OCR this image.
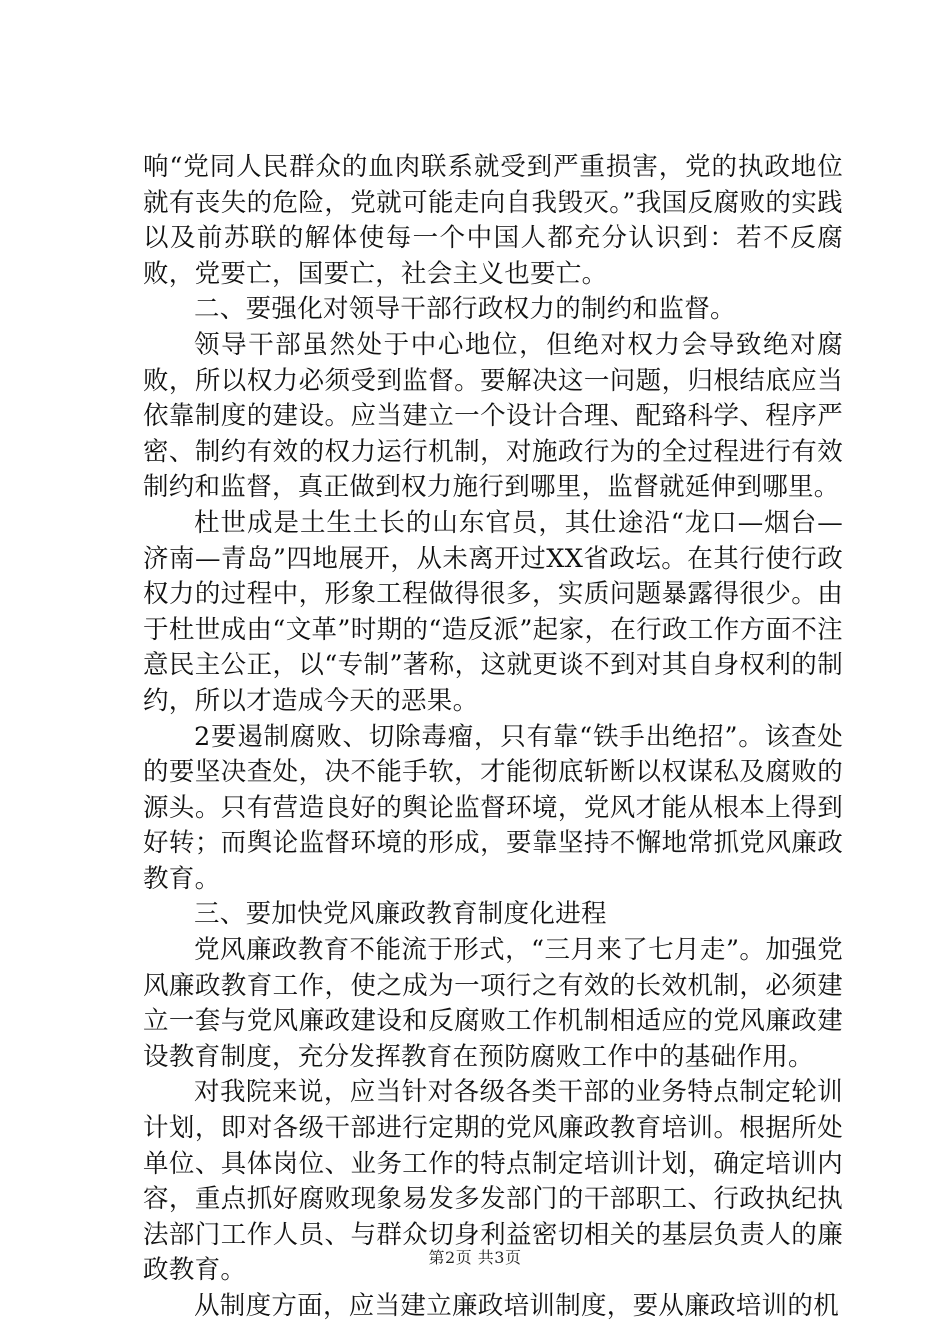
响“党同人民群众的血肉联系就受到严重损害，党的执政地位就有丧失的危险，党就可能走向自我毁灭。”我国反腐败的实践以及前苏联的解体使每一个中国人都充分认识到：若不反腐败，党要亡，国要亡，社会主义也要亡。

二、要强化对领导干部行政权力的制约和监督。

领导干部虽然处于中心地位，但绝对权力会导致绝对腐败，所以权力必须受到监督。要解决这一问题，归根结底应当依靠制度的建设。应当建立一个设计合理、配臵科学、程序严密、制约有效的权力运行机制，对施政行为的全过程进行有效制约和监督，真正做到权力施行到哪里，监督就延伸到哪里。

杜世成是土生土长的山东官员，其仕途沿“龙口—烟台—济南—青岛”四地展开，从未离开过XX省政坛。在其行使行政权力的过程中，形象工程做得很多，实质问题暴露得很少。由于杜世成由“文革”时期的“造反派”起家，在行政工作方面不注意民主公正，以“专制”著称，这就更谈不到对其自身权利的制约，所以才造成今天的恶果。

2要遏制腐败、切除毒瘤，只有靠“铁手出绝招”。该查处的要坚决查处，决不能手软，才能彻底斩断以权谋私及腐败的源头。只有营造良好的舆论监督环境，党风才能从根本上得到好转；而舆论监督环境的形成，要靠坚持不懈地常抓党风廉政教育。

三、要加快党风廉政教育制度化进程

党风廉政教育不能流于形式，“三月来了七月走”。加强党风廉政教育工作，使之成为一项行之有效的长效机制，必须建立一套与党风廉政建设和反腐败工作机制相适应的党风廉政建设教育制度，充分发挥教育在预防腐败工作中的基础作用。

对我院来说，应当针对各级各类干部的业务特点制定轮训计划，即对各级干部进行定期的党风廉政教育培训。根据所处单位、具体岗位、业务工作的特点制定培训计划，确定培训内容，重点抓好腐败现象易发多发部门的干部职工、行政执纪执法部门工作人员、与群众切身利益密切相关的基层负责人的廉政教育。

从制度方面，应当建立廉政培训制度，要从廉政培训的机

第2页 共3页
